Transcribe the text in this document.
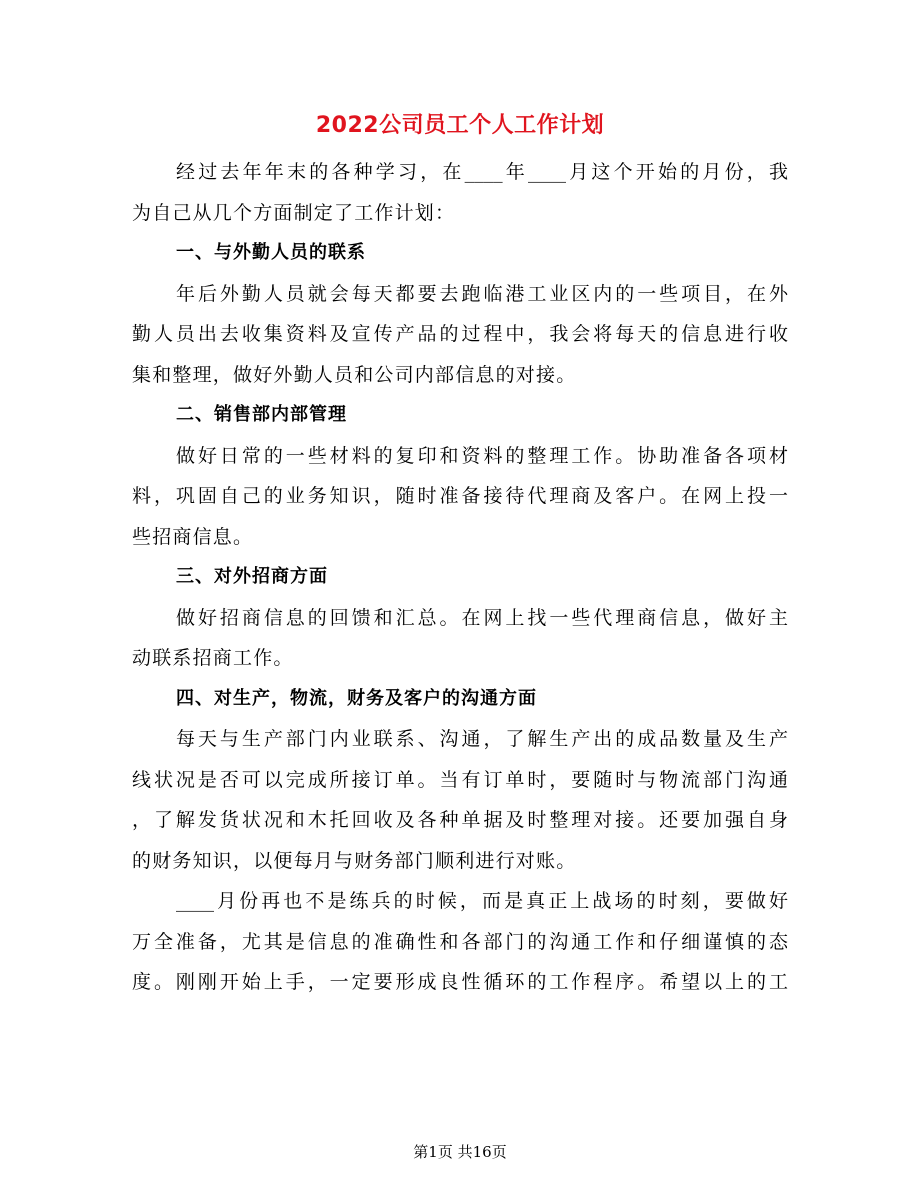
2022公司员工个人工作计划
经过去年年末的各种学习，在____年____月这个开始的月份，我
为自己从几个方面制定了工作计划：
一、与外勤人员的联系
年后外勤人员就会每天都要去跑临港工业区内的一些项目，在外
勤人员出去收集资料及宣传产品的过程中，我会将每天的信息进行收
集和整理，做好外勤人员和公司内部信息的对接。
二、销售部内部管理
做好日常的一些材料的复印和资料的整理工作。协助准备各项材
料，巩固自己的业务知识，随时准备接待代理商及客户。在网上投一
些招商信息。
三、对外招商方面
做好招商信息的回馈和汇总。在网上找一些代理商信息，做好主
动联系招商工作。
四、对生产，物流，财务及客户的沟通方面
每天与生产部门内业联系、沟通，了解生产出的成品数量及生产
线状况是否可以完成所接订单。当有订单时，要随时与物流部门沟通
，了解发货状况和木托回收及各种单据及时整理对接。还要加强自身
的财务知识，以便每月与财务部门顺利进行对账。
____月份再也不是练兵的时候，而是真正上战场的时刻，要做好
万全准备，尤其是信息的准确性和各部门的沟通工作和仔细谨慎的态
度。刚刚开始上手，一定要形成良性循环的工作程序。希望以上的工
第1页 共16页
